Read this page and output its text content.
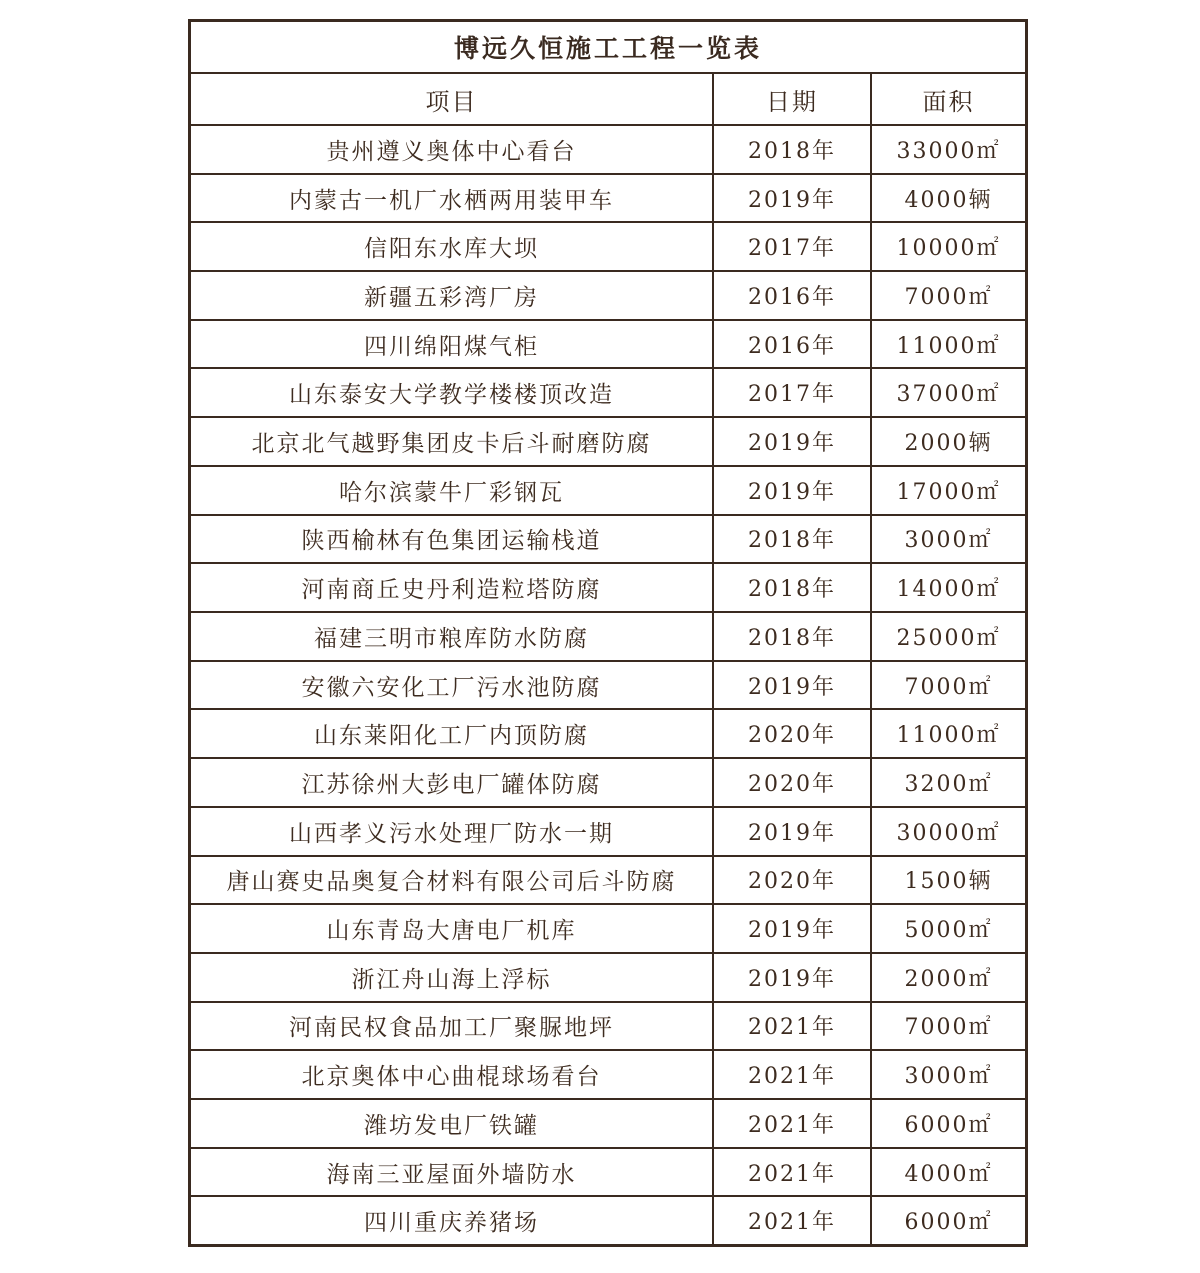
博远久恒施工工程一览表		
项目	日期	面积
贵州遵义奥体中心看台	2018年	33000㎡
内蒙古一机厂水栖两用装甲车	2019年	4000辆
信阳东水库大坝	2017年	10000㎡
新疆五彩湾厂房	2016年	7000㎡
四川绵阳煤气柜	2016年	11000㎡
山东泰安大学教学楼楼顶改造	2017年	37000㎡
北京北气越野集团皮卡后斗耐磨防腐	2019年	2000辆
哈尔滨蒙牛厂彩钢瓦	2019年	17000㎡
陕西榆林有色集团运输栈道	2018年	3000㎡
河南商丘史丹利造粒塔防腐	2018年	14000㎡
福建三明市粮库防水防腐	2018年	25000㎡
安徽六安化工厂污水池防腐	2019年	7000㎡
山东莱阳化工厂内顶防腐	2020年	11000㎡
江苏徐州大彭电厂罐体防腐	2020年	3200㎡
山西孝义污水处理厂防水一期	2019年	30000㎡
唐山赛史品奥复合材料有限公司后斗防腐	2020年	1500辆
山东青岛大唐电厂机库	2019年	5000㎡
浙江舟山海上浮标	2019年	2000㎡
河南民权食品加工厂聚脲地坪	2021年	7000㎡
北京奥体中心曲棍球场看台	2021年	3000㎡
潍坊发电厂铁罐	2021年	6000㎡
海南三亚屋面外墙防水	2021年	4000㎡
四川重庆养猪场	2021年	6000㎡
